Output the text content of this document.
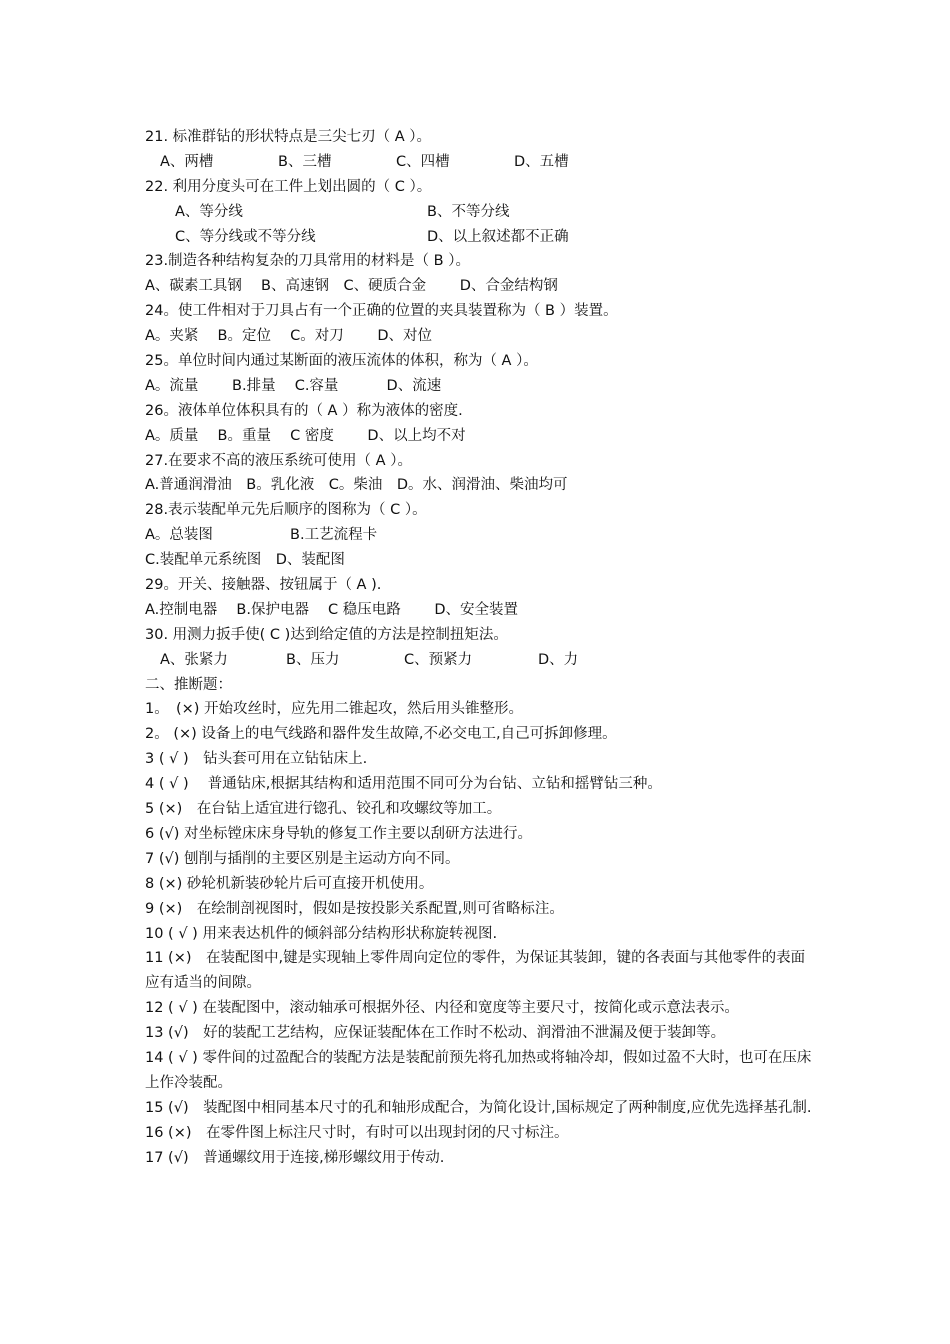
21. 标准群钻的形状特点是三尖七刃（ A ）。
A、两槽	B、三槽	C、四槽	D、五槽
22. 利用分度头可在工件上划出圆的（ C ）。
A、等分线	B、不等分线
C、等分线或不等分线	D、以上叙述都不正确
23.制造各种结构复杂的刀具常用的材料是（ B ）。
A、碳素工具钢　 B、高速钢　C、硬质合金　　 D、合金结构钢
24。使工件相对于刀具占有一个正确的位置的夹具装置称为（ B ）装置。
A。夹紧　 B。定位　 C。对刀　　 D、对位
25。单位时间内通过某断面的液压流体的体积，称为（ A ）。
A。流量　　 B.排量　 C.容量　　　 D、流速
26。液体单位体积具有的（ A ）称为液体的密度.
A。质量　 B。重量　 C 密度　　 D、以上均不对
27.在要求不高的液压系统可使用（ A ）。
A.普通润滑油　B。乳化液　C。柴油　D。水、润滑油、柴油均可
28.表示装配单元先后顺序的图称为（ C ）。
A。总装图　　　　　 B.工艺流程卡
C.装配单元系统图　D、装配图
29。开关、接触器、按钮属于（ A ).
A.控制电器　 B.保护电器　 C 稳压电路　　 D、安全装置
30. 用测力扳手使( C )达到给定值的方法是控制扭矩法。
A、张紧力	B、压力	C、预紧力	D、力
二、推断题：
1。　(×) 开始攻丝时，应先用二锥起攻，然后用头锥整形。
2。 (×) 设备上的电气线路和器件发生故障,不必交电工,自己可拆卸修理。
3 ( √ )　钻头套可用在立钻钻床上.
4 ( √ )　 普通钻床,根据其结构和适用范围不同可分为台钻、立钻和摇臂钻三种。
5 (×)　在台钻上适宜进行锪孔、铰孔和攻螺纹等加工。
6 (√) 对坐标镗床床身导轨的修复工作主要以刮研方法进行。
7 (√) 刨削与插削的主要区别是主运动方向不同。
8 (×) 砂轮机新装砂轮片后可直接开机使用。
9 (×)　在绘制剖视图时，假如是按投影关系配置,则可省略标注。
10 ( √ ) 用来表达机件的倾斜部分结构形状称旋转视图.
11 (×)　在装配图中,键是实现轴上零件周向定位的零件，为保证其装卸，键的各表面与其他零件的表面应有适当的间隙。
12 ( √ ) 在装配图中，滚动轴承可根据外径、内径和宽度等主要尺寸，按简化或示意法表示。
13 (√)　好的装配工艺结构，应保证装配体在工作时不松动、润滑油不泄漏及便于装卸等。
14 ( √ ) 零件间的过盈配合的装配方法是装配前预先将孔加热或将轴冷却，假如过盈不大时，也可在压床上作冷装配。
15 (√)　装配图中相同基本尺寸的孔和轴形成配合，为简化设计,国标规定了两种制度,应优先选择基孔制.
16 (×)　在零件图上标注尺寸时，有时可以出现封闭的尺寸标注。
17 (√)　普通螺纹用于连接,梯形螺纹用于传动.
